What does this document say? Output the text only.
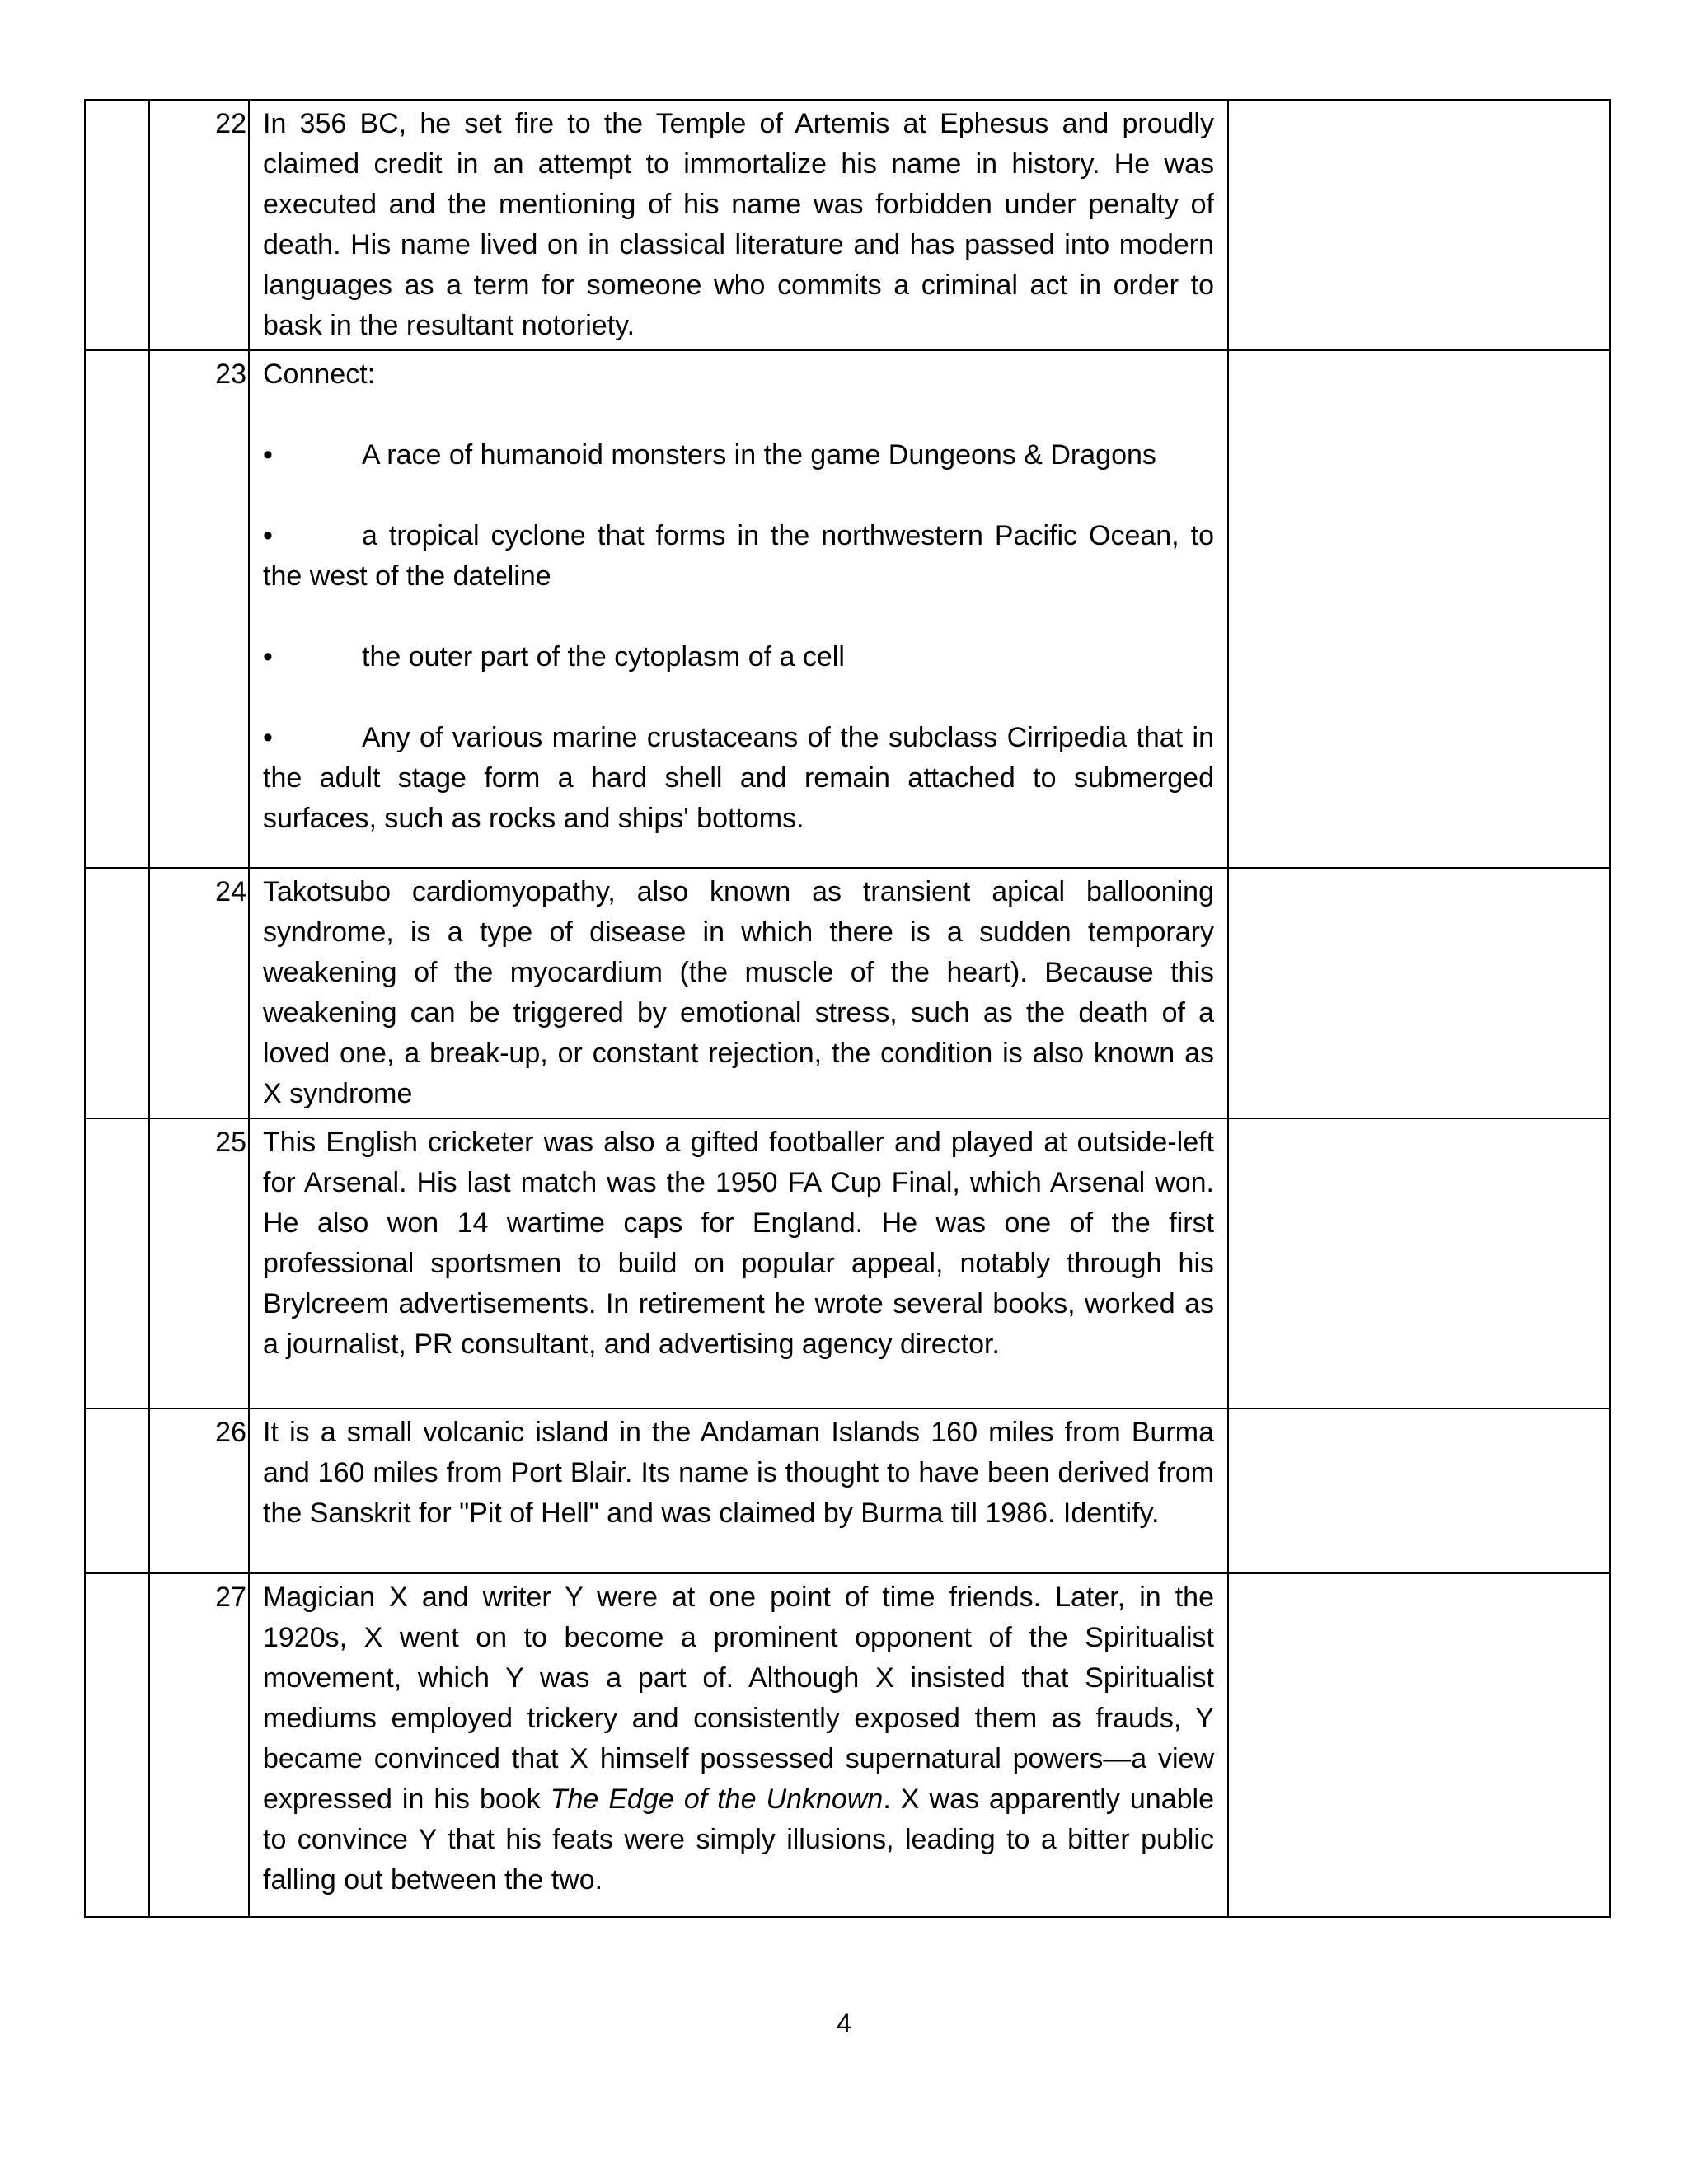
	22	In 356 BC, he set fire to the Temple of Artemis at Ephesus and proudly claimed credit in an attempt to immortalize his name in history. He was executed and the mentioning of his name was forbidden under penalty of death. His name lived on in classical literature and has passed into modern languages as a term for someone who commits a criminal act in order to bask in the resultant notoriety.	

	23	Connect:

• A race of humanoid monsters in the game Dungeons & Dragons

• a tropical cyclone that forms in the northwestern Pacific Ocean, to the west of the dateline

• the outer part of the cytoplasm of a cell

• Any of various marine crustaceans of the subclass Cirripedia that in the adult stage form a hard shell and remain attached to submerged surfaces, such as rocks and ships' bottoms.	

	24	Takotsubo cardiomyopathy, also known as transient apical ballooning syndrome, is a type of disease in which there is a sudden temporary weakening of the myocardium (the muscle of the heart). Because this weakening can be triggered by emotional stress, such as the death of a loved one, a break-up, or constant rejection, the condition is also known as X syndrome	

	25	This English cricketer was also a gifted footballer and played at outside-left for Arsenal. His last match was the 1950 FA Cup Final, which Arsenal won. He also won 14 wartime caps for England. He was one of the first professional sportsmen to build on popular appeal, notably through his Brylcreem advertisements. In retirement he wrote several books, worked as a journalist, PR consultant, and advertising agency director.	

	26	It is a small volcanic island in the Andaman Islands 160 miles from Burma and 160 miles from Port Blair. Its name is thought to have been derived from the Sanskrit for "Pit of Hell" and was claimed by Burma till 1986. Identify.	

	27	Magician X and writer Y were at one point of time friends. Later, in the 1920s, X went on to become a prominent opponent of the Spiritualist movement, which Y was a part of. Although X insisted that Spiritualist mediums employed trickery and consistently exposed them as frauds, Y became convinced that X himself possessed supernatural powers—a view expressed in his book The Edge of the Unknown. X was apparently unable to convince Y that his feats were simply illusions, leading to a bitter public falling out between the two.	

4
